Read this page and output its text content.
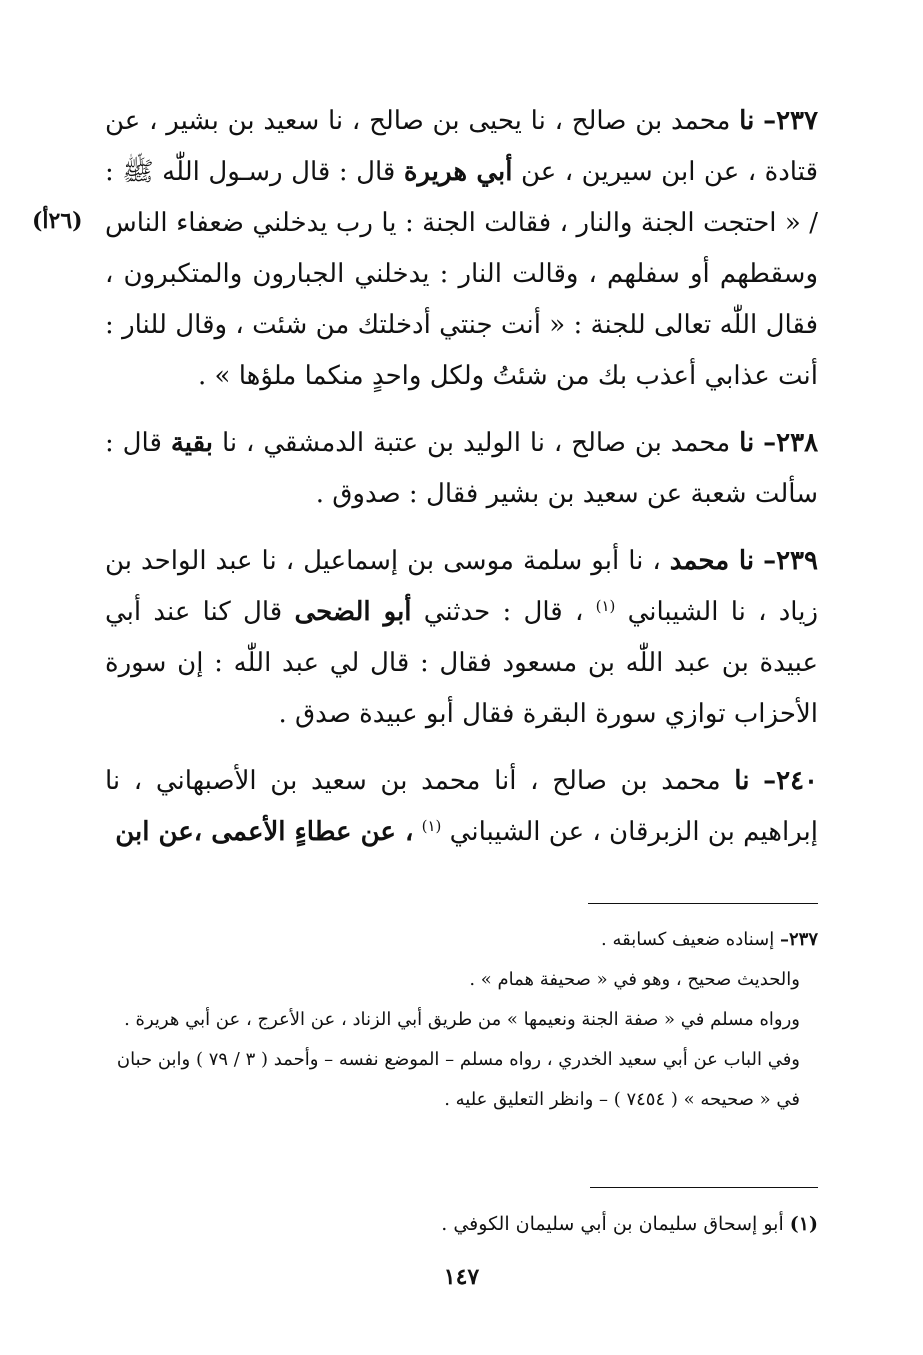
٢٣٧– نا محمد بن صالح ، نا يحيى بن صالح ، نا سعيد بن بشير ، عن قتادة ، عن ابن سيرين ، عن أبي هريرة قال : قال رسـول اللّٰه ﷺ : / « احتجت الجنة والنار ، فقالت الجنة : يا رب يدخلني ضعفاء الناس وسقطهم أو سفلهم ، وقالت النار : يدخلني الجبارون والمتكبرون ، فقال اللّٰه تعالى للجنة : « أنت جنتي أدخلتك من شئت ، وقال للنار : أنت عذابي أعذب بك من شئتُ ولكل واحدٍ منكما ملؤها » .

٢٣٨– نا محمد بن صالح ، نا الوليد بن عتبة الدمشقي ، نا بقية قال : سألت شعبة عن سعيد بن بشير فقال : صدوق .

٢٣٩– نا محمد ، نا أبو سلمة موسى بن إسماعيل ، نا عبد الواحد بن زياد ، نا الشيباني $^{(١)}$ ، قال : حدثني أبو الضحى قال كنا عند أبي عبيدة بن عبد اللّٰه بن مسعود فقال : قال لي عبد اللّٰه : إن سورة الأحزاب توازي سورة البقرة فقال أبو عبيدة صدق .

٢٤٠– نا محمد بن صالح ، أنا محمد بن سعيد بن الأصبهاني ، نا إبراهيم بن الزبرقان ، عن الشيباني $^{(١)}$ ، عن عطاءٍ الأعمى ،عن ابن

(٢٦أ)

٢٣٧– إسناده ضعيف كسابقه .

والحديث صحيح ، وهو في « صحيفة همام » .

ورواه مسلم في « صفة الجنة ونعيمها » من طريق أبي الزناد ، عن الأعرج ، عن أبي هريرة .

وفي الباب عن أبي سعيد الخدري ، رواه مسلم – الموضع نفسه – وأحمد ( ٣ / ٧٩ ) وابن حبان في « صحيحه » ( ٧٤٥٤ ) – وانظر التعليق عليه .

(١) أبو إسحاق سليمان بن أبي سليمان الكوفي .
١٤٧
